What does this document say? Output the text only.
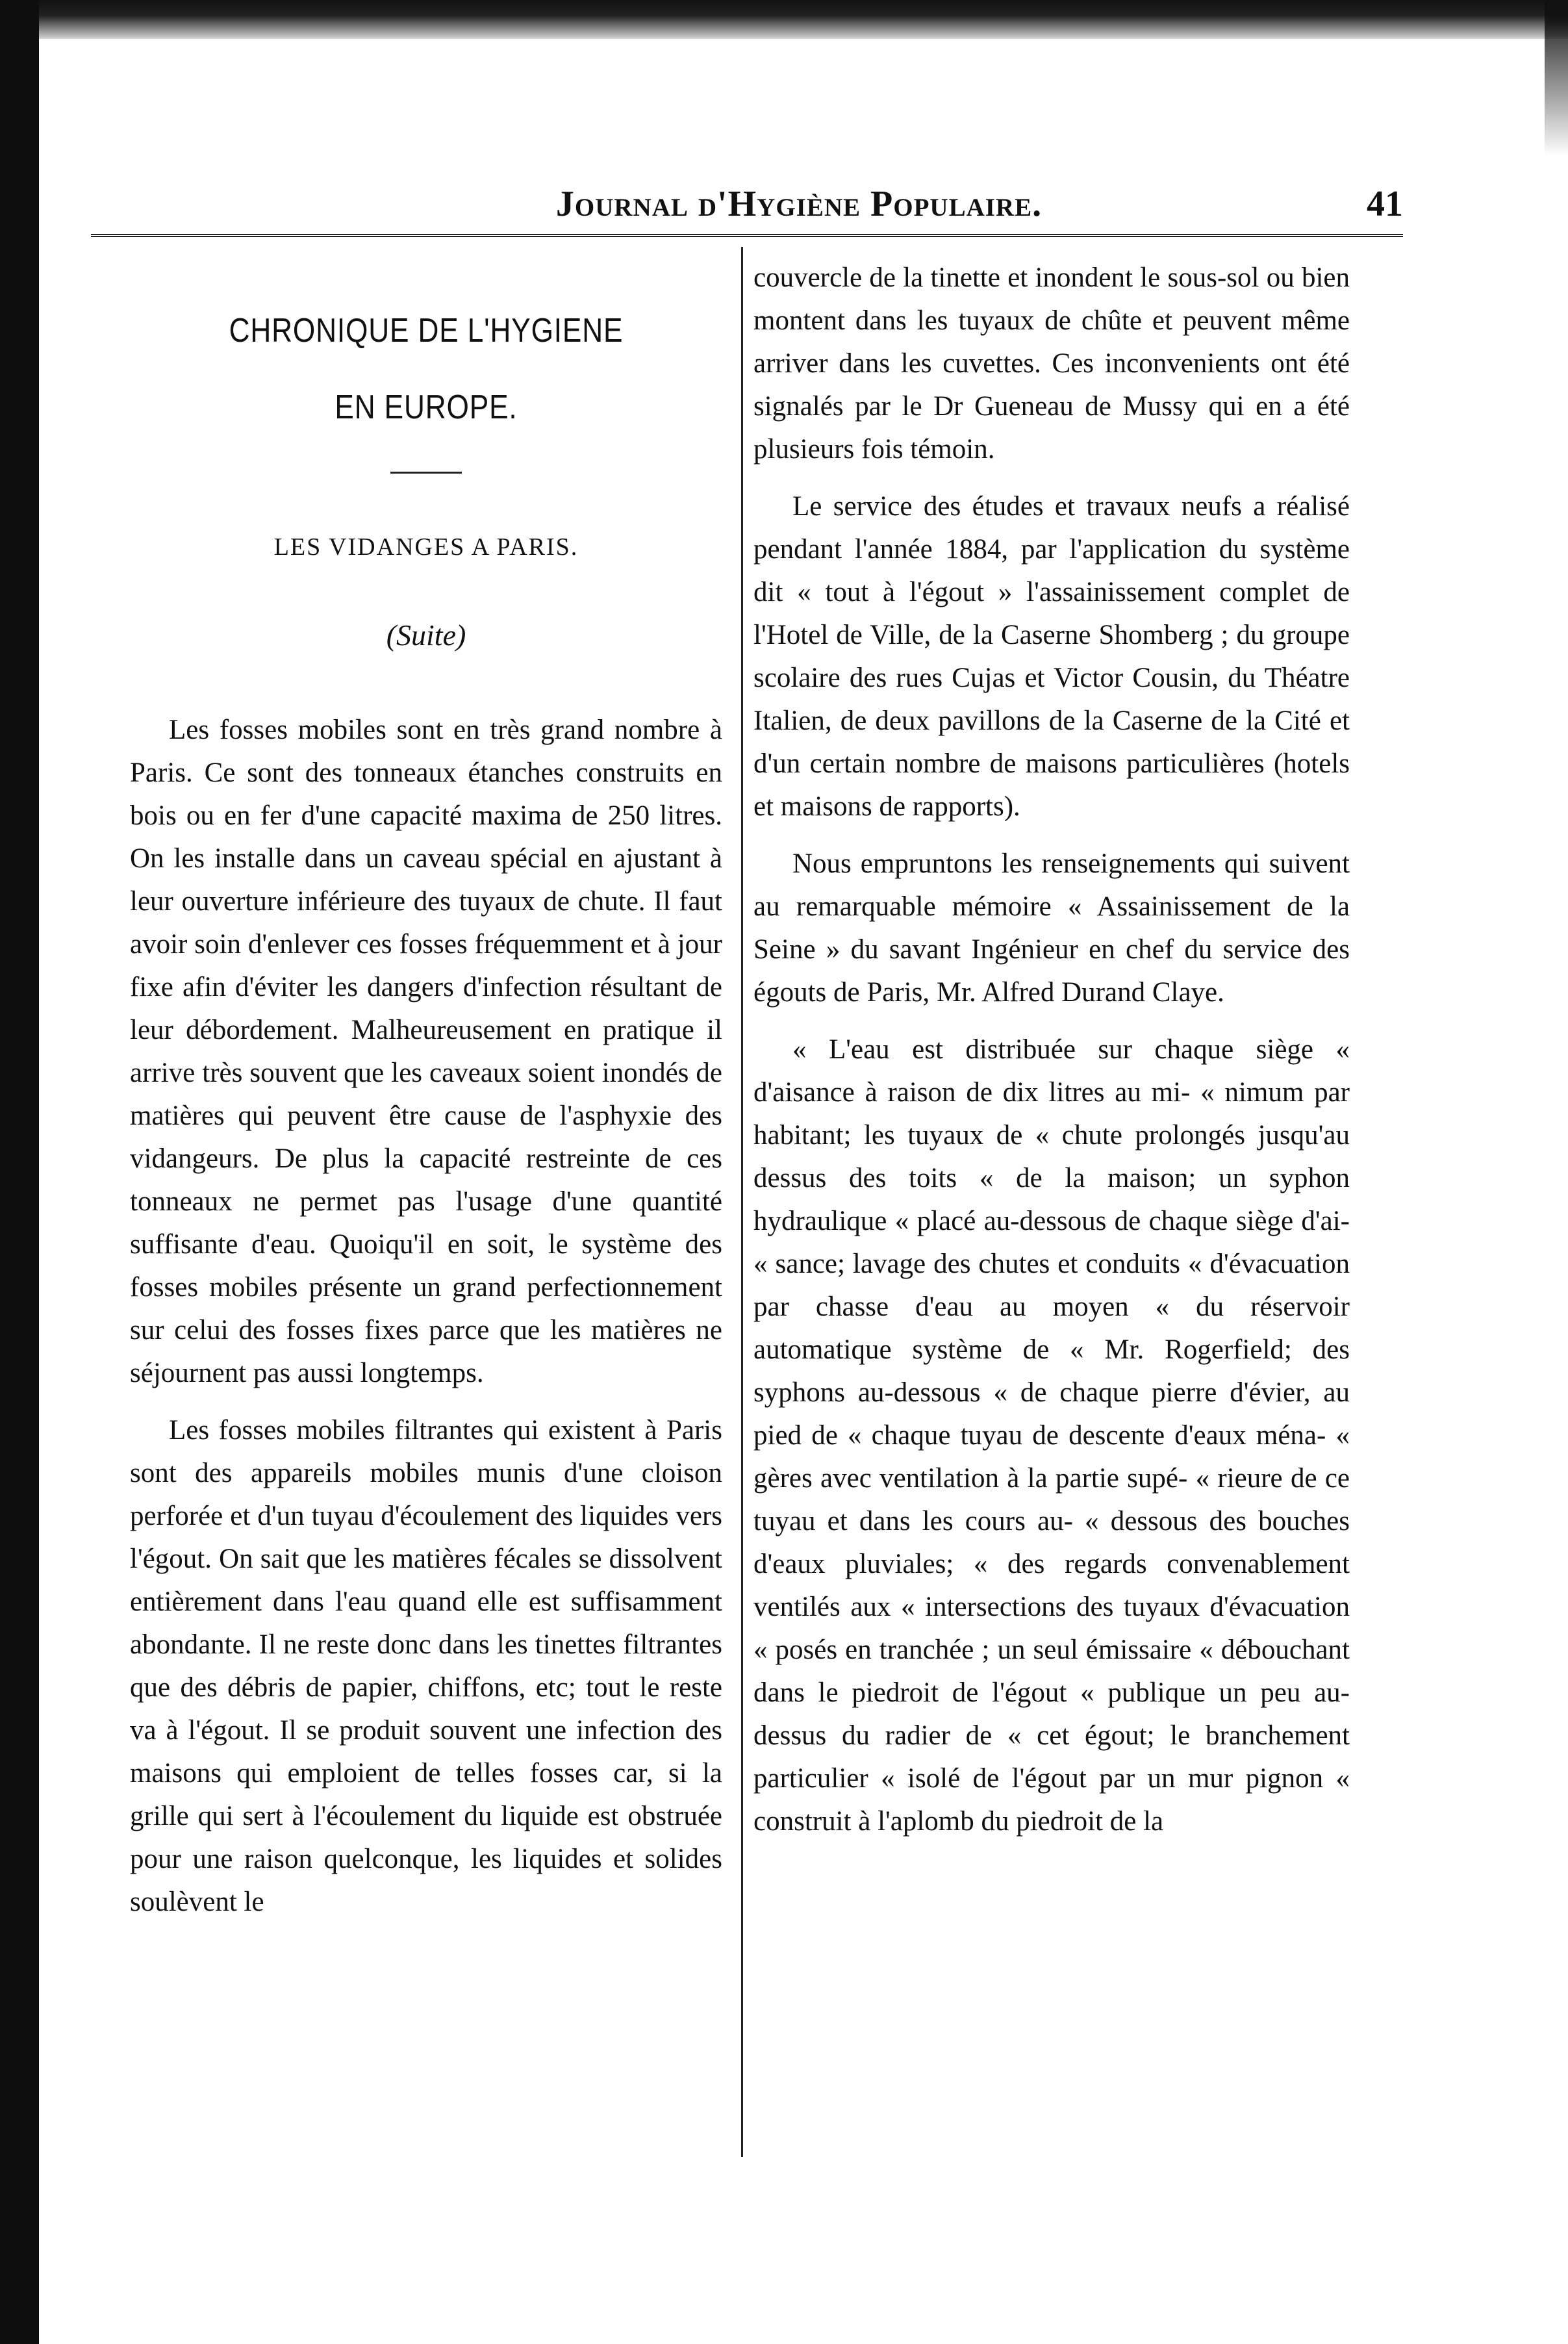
Journal d'Hygiène Populaire.	41
CHRONIQUE DE L'HYGIENE
EN EUROPE.
LES VIDANGES A PARIS.
(Suite)

Les fosses mobiles sont en très grand nombre à Paris. Ce sont des tonneaux étanches construits en bois ou en fer d'une capacité maxima de 250 litres. On les installe dans un caveau spécial en ajustant à leur ouverture inférieure des tuyaux de chute. Il faut avoir soin d'enlever ces fosses fréquemment et à jour fixe afin d'éviter les dangers d'infection résultant de leur débordement. Malheureusement en pratique il arrive très souvent que les caveaux soient inondés de matières qui peuvent être cause de l'asphyxie des vidangeurs. De plus la capacité restreinte de ces tonneaux ne permet pas l'usage d'une quantité suffisante d'eau. Quoiqu'il en soit, le système des fosses mobiles présente un grand perfectionnement sur celui des fosses fixes parce que les matières ne séjournent pas aussi longtemps.

Les fosses mobiles filtrantes qui existent à Paris sont des appareils mobiles munis d'une cloison perforée et d'un tuyau d'écoulement des liquides vers l'égout. On sait que les matières fécales se dissolvent entièrement dans l'eau quand elle est suffisamment abondante. Il ne reste donc dans les tinettes filtrantes que des débris de papier, chiffons, etc; tout le reste va à l'égout. Il se produit souvent une infection des maisons qui emploient de telles fosses car, si la grille qui sert à l'écoulement du liquide est obstruée pour une raison quelconque, les liquides et solides soulèvent le

couvercle de la tinette et inondent le sous-sol ou bien montent dans les tuyaux de chûte et peuvent même arriver dans les cuvettes. Ces inconvenients ont été signalés par le Dr Gueneau de Mussy qui en a été plusieurs fois témoin.

Le service des études et travaux neufs a réalisé pendant l'année 1884, par l'application du système dit « tout à l'égout » l'assainissement complet de l'Hotel de Ville, de la Caserne Shomberg ; du groupe scolaire des rues Cujas et Victor Cousin, du Théatre Italien, de deux pavillons de la Caserne de la Cité et d'un certain nombre de maisons particulières (hotels et maisons de rapports).

Nous empruntons les renseignements qui suivent au remarquable mémoire « Assainissement de la Seine » du savant Ingénieur en chef du service des égouts de Paris, Mr. Alfred Durand Claye.

« L'eau est distribuée sur chaque siège « d'aisance à raison de dix litres au mi- « nimum par habitant; les tuyaux de « chute prolongés jusqu'au dessus des toits « de la maison; un syphon hydraulique « placé au-dessous de chaque siège d'ai- « sance; lavage des chutes et conduits « d'évacuation par chasse d'eau au moyen « du réservoir automatique système de « Mr. Rogerfield; des syphons au-dessous « de chaque pierre d'évier, au pied de « chaque tuyau de descente d'eaux ména- « gères avec ventilation à la partie supé- « rieure de ce tuyau et dans les cours au- « dessous des bouches d'eaux pluviales; « des regards convenablement ventilés aux « intersections des tuyaux d'évacuation « posés en tranchée ; un seul émissaire « débouchant dans le piedroit de l'égout « publique un peu au-dessus du radier de « cet égout; le branchement particulier « isolé de l'égout par un mur pignon « construit à l'aplomb du piedroit de la
